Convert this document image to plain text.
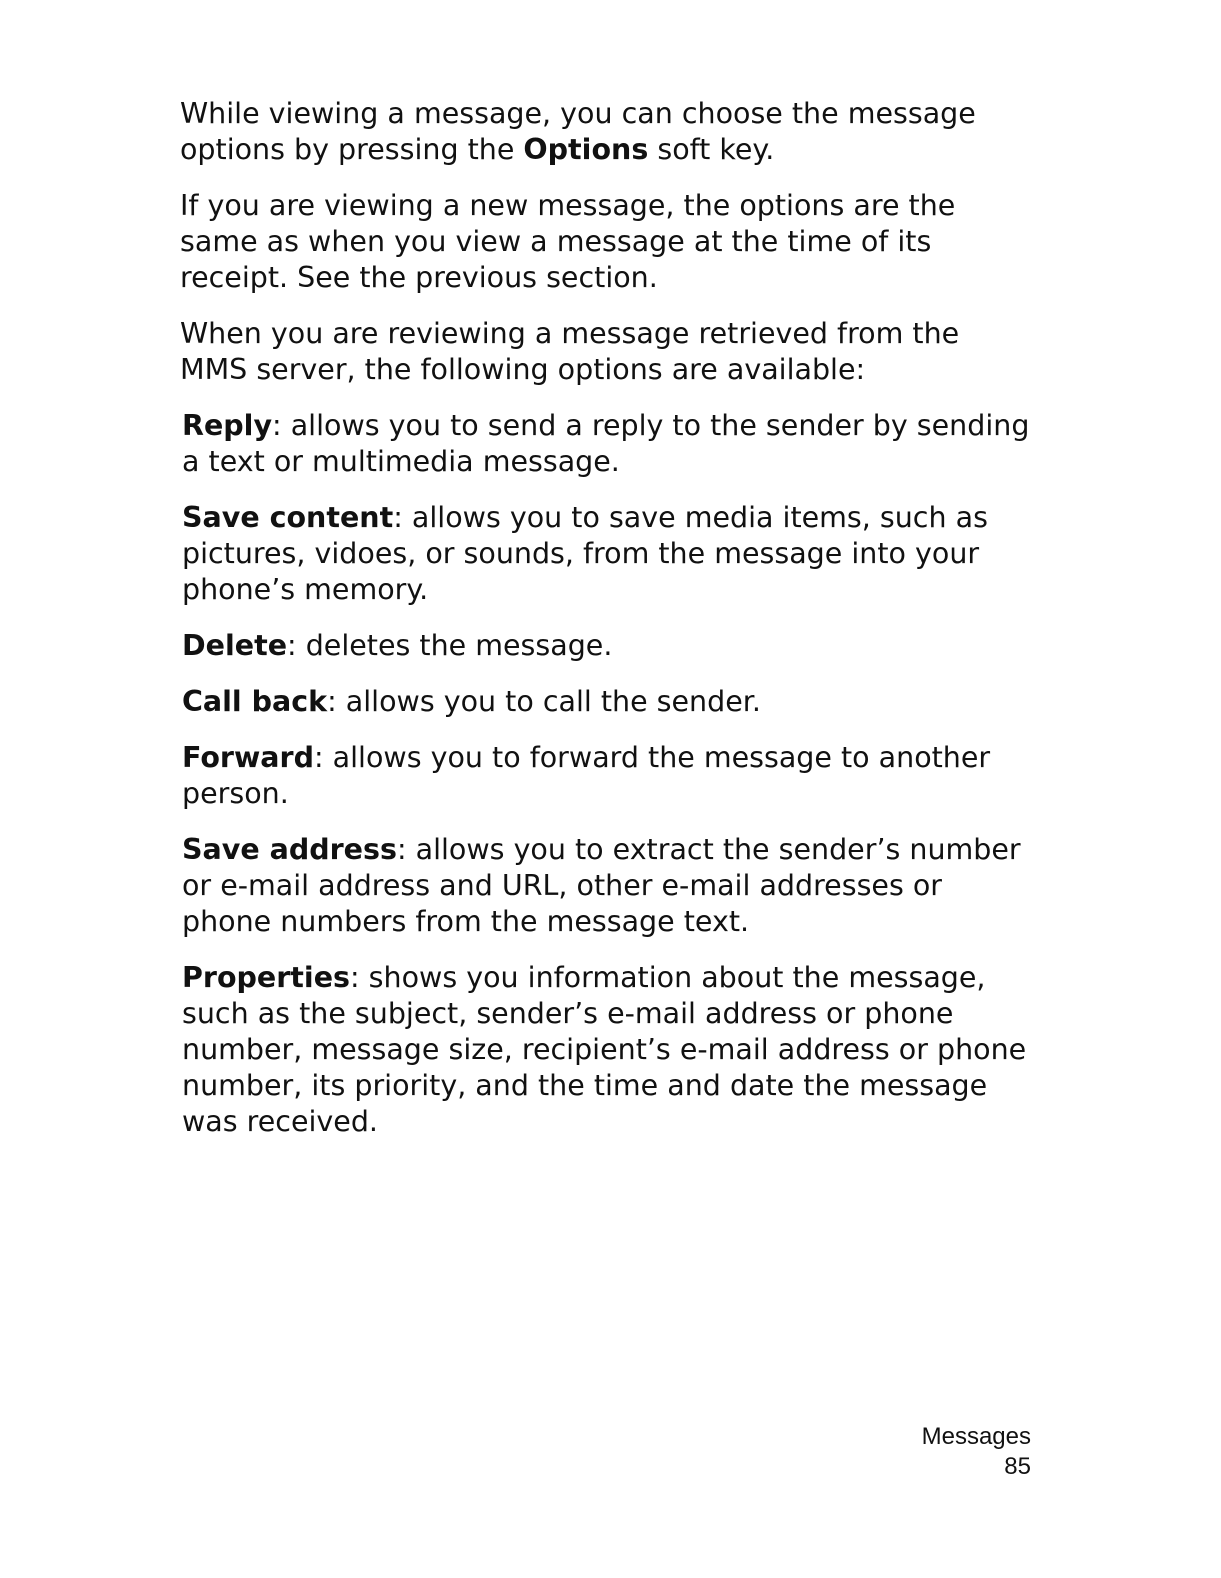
While viewing a message, you can choose the message options by pressing the Options soft key.

If you are viewing a new message, the options are the same as when you view a message at the time of its receipt. See the previous section.

When you are reviewing a message retrieved from the MMS server, the following options are available:

Reply: allows you to send a reply to the sender by sending a text or multimedia message.

Save content: allows you to save media items, such as pictures, vidoes, or sounds, from the message into your phone’s memory.

Delete: deletes the message.

Call back: allows you to call the sender.

Forward: allows you to forward the message to another person.

Save address: allows you to extract the sender’s number or e-mail address and URL, other e-mail addresses or phone numbers from the message text.

Properties: shows you information about the message, such as the subject, sender’s e-mail address or phone number, message size, recipient’s e-mail address or phone number, its priority, and the time and date the message was received.

Messages
85
